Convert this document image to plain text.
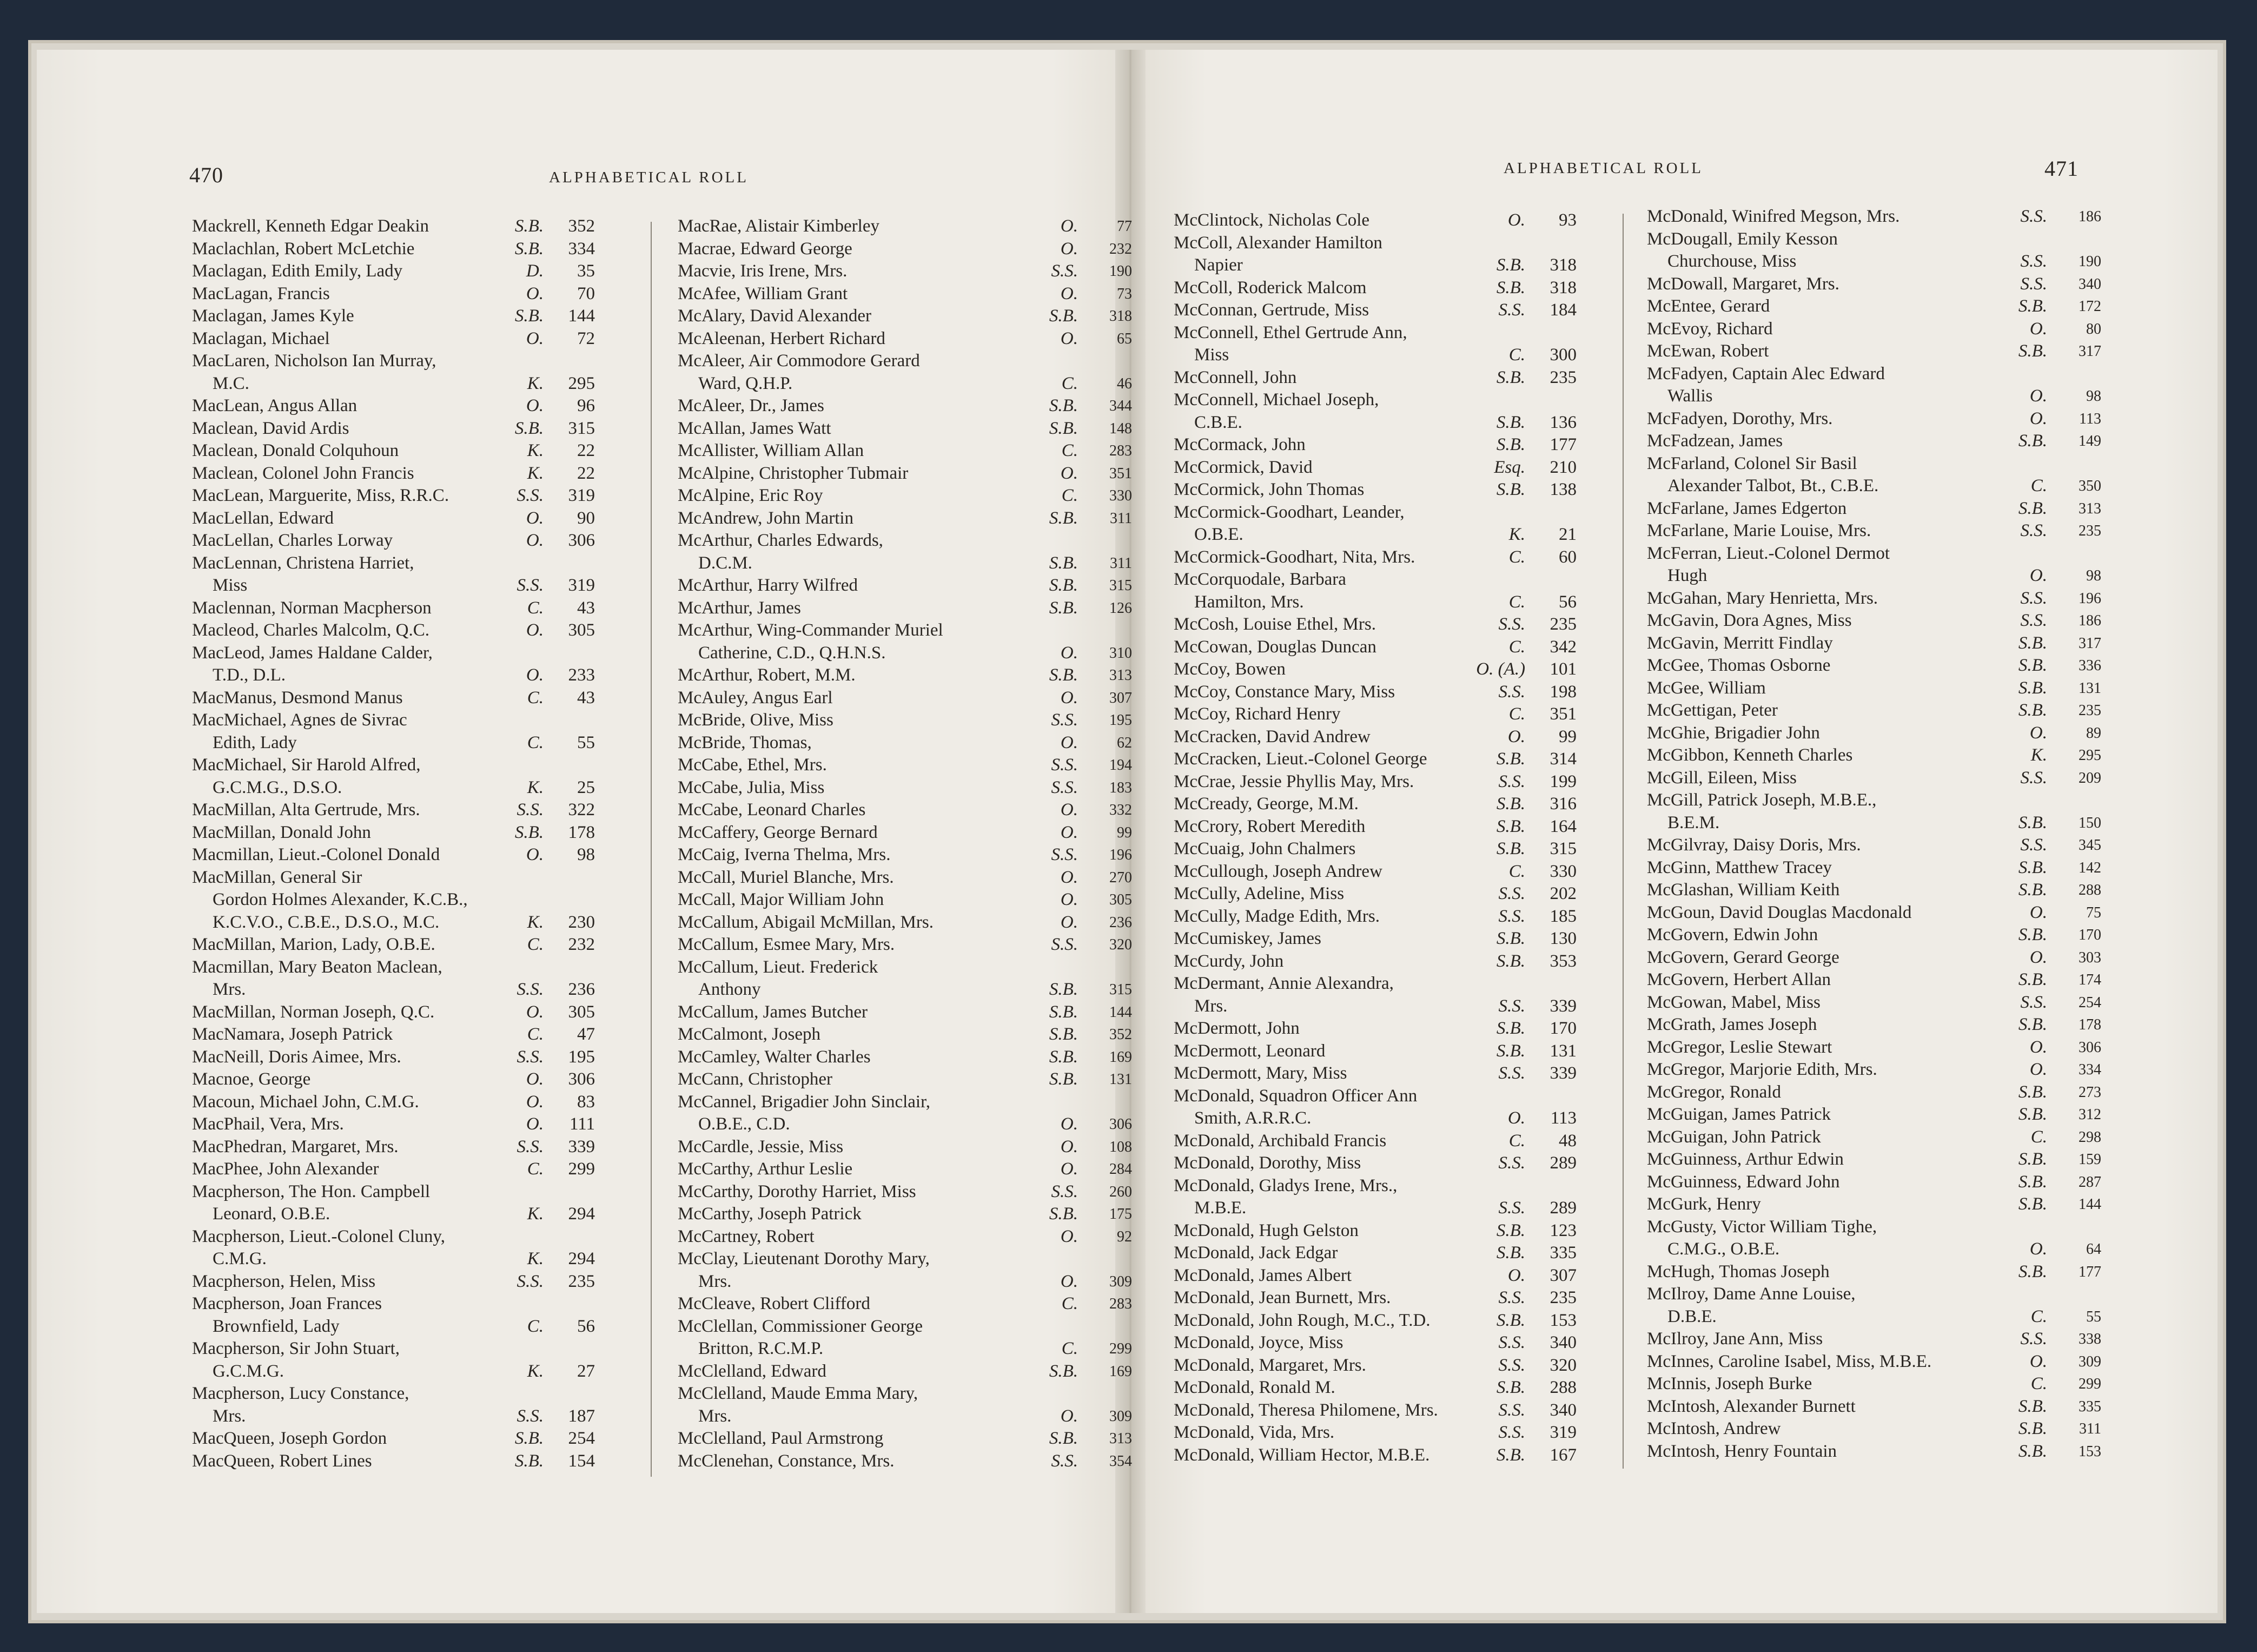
470	ALPHABETICAL ROLL
ALPHABETICAL ROLL	471
Mackrell, Kenneth Edgar Deakin	S.B.	352
Maclachlan, Robert McLetchie	S.B.	334
Maclagan, Edith Emily, Lady	D.	35
MacLagan, Francis	O.	70
Maclagan, James Kyle	S.B.	144
Maclagan, Michael	O.	72
MacLaren, Nicholson Ian Murray,
M.C.	K.	295
MacLean, Angus Allan	O.	96
Maclean, David Ardis	S.B.	315
Maclean, Donald Colquhoun	K.	22
Maclean, Colonel John Francis	K.	22
MacLean, Marguerite, Miss, R.R.C.	S.S.	319
MacLellan, Edward	O.	90
MacLellan, Charles Lorway	O.	306
MacLennan, Christena Harriet,
Miss	S.S.	319
Maclennan, Norman Macpherson	C.	43
Macleod, Charles Malcolm, Q.C.	O.	305
MacLeod, James Haldane Calder,
T.D., D.L.	O.	233
MacManus, Desmond Manus	C.	43
MacMichael, Agnes de Sivrac
Edith, Lady	C.	55
MacMichael, Sir Harold Alfred,
G.C.M.G., D.S.O.	K.	25
MacMillan, Alta Gertrude, Mrs.	S.S.	322
MacMillan, Donald John	S.B.	178
Macmillan, Lieut.-Colonel Donald	O.	98
MacMillan, General Sir
Gordon Holmes Alexander, K.C.B.,
K.C.V.O., C.B.E., D.S.O., M.C.	K.	230
MacMillan, Marion, Lady, O.B.E.	C.	232
Macmillan, Mary Beaton Maclean,
Mrs.	S.S.	236
MacMillan, Norman Joseph, Q.C.	O.	305
MacNamara, Joseph Patrick	C.	47
MacNeill, Doris Aimee, Mrs.	S.S.	195
Macnoe, George	O.	306
Macoun, Michael John, C.M.G.	O.	83
MacPhail, Vera, Mrs.	O.	111
MacPhedran, Margaret, Mrs.	S.S.	339
MacPhee, John Alexander	C.	299
Macpherson, The Hon. Campbell
Leonard, O.B.E.	K.	294
Macpherson, Lieut.-Colonel Cluny,
C.M.G.	K.	294
Macpherson, Helen, Miss	S.S.	235
Macpherson, Joan Frances
Brownfield, Lady	C.	56
Macpherson, Sir John Stuart,
G.C.M.G.	K.	27
Macpherson, Lucy Constance,
Mrs.	S.S.	187
MacQueen, Joseph Gordon	S.B.	254
MacQueen, Robert Lines	S.B.	154
MacRae, Alistair Kimberley	O.	77
Macrae, Edward George	O.	232
Macvie, Iris Irene, Mrs.	S.S.	190
McAfee, William Grant	O.	73
McAlary, David Alexander	S.B.	318
McAleenan, Herbert Richard	O.	65
McAleer, Air Commodore Gerard
Ward, Q.H.P.	C.	46
McAleer, Dr., James	S.B.	344
McAllan, James Watt	S.B.	148
McAllister, William Allan	C.	283
McAlpine, Christopher Tubmair	O.	351
McAlpine, Eric Roy	C.	330
McAndrew, John Martin	S.B.	311
McArthur, Charles Edwards,
D.C.M.	S.B.	311
McArthur, Harry Wilfred	S.B.	315
McArthur, James	S.B.	126
McArthur, Wing-Commander Muriel
Catherine, C.D., Q.H.N.S.	O.	310
McArthur, Robert, M.M.	S.B.	313
McAuley, Angus Earl	O.	307
McBride, Olive, Miss	S.S.	195
McBride, Thomas,	O.	62
McCabe, Ethel, Mrs.	S.S.	194
McCabe, Julia, Miss	S.S.	183
McCabe, Leonard Charles	O.	332
McCaffery, George Bernard	O.	99
McCaig, Iverna Thelma, Mrs.	S.S.	196
McCall, Muriel Blanche, Mrs.	O.	270
McCall, Major William John	O.	305
McCallum, Abigail McMillan, Mrs.	O.	236
McCallum, Esmee Mary, Mrs.	S.S.	320
McCallum, Lieut. Frederick
Anthony	S.B.	315
McCallum, James Butcher	S.B.	144
McCalmont, Joseph	S.B.	352
McCamley, Walter Charles	S.B.	169
McCann, Christopher	S.B.	131
McCannel, Brigadier John Sinclair,
O.B.E., C.D.	O.	306
McCardle, Jessie, Miss	O.	108
McCarthy, Arthur Leslie	O.	284
McCarthy, Dorothy Harriet, Miss	S.S.	260
McCarthy, Joseph Patrick	S.B.	175
McCartney, Robert	O.	92
McClay, Lieutenant Dorothy Mary,
Mrs.	O.	309
McCleave, Robert Clifford	C.	283
McClellan, Commissioner George
Britton, R.C.M.P.	C.	299
McClelland, Edward	S.B.	169
McClelland, Maude Emma Mary,
Mrs.	O.	309
McClelland, Paul Armstrong	S.B.	313
McClenehan, Constance, Mrs.	S.S.	354
McClintock, Nicholas Cole	O.	93
McColl, Alexander Hamilton
Napier	S.B.	318
McColl, Roderick Malcom	S.B.	318
McConnan, Gertrude, Miss	S.S.	184
McConnell, Ethel Gertrude Ann,
Miss	C.	300
McConnell, John	S.B.	235
McConnell, Michael Joseph,
C.B.E.	S.B.	136
McCormack, John	S.B.	177
McCormick, David	Esq.	210
McCormick, John Thomas	S.B.	138
McCormick-Goodhart, Leander,
O.B.E.	K.	21
McCormick-Goodhart, Nita, Mrs.	C.	60
McCorquodale, Barbara
Hamilton, Mrs.	C.	56
McCosh, Louise Ethel, Mrs.	S.S.	235
McCowan, Douglas Duncan	C.	342
McCoy, Bowen	O. (A.)	101
McCoy, Constance Mary, Miss	S.S.	198
McCoy, Richard Henry	C.	351
McCracken, David Andrew	O.	99
McCracken, Lieut.-Colonel George	S.B.	314
McCrae, Jessie Phyllis May, Mrs.	S.S.	199
McCready, George, M.M.	S.B.	316
McCrory, Robert Meredith	S.B.	164
McCuaig, John Chalmers	S.B.	315
McCullough, Joseph Andrew	C.	330
McCully, Adeline, Miss	S.S.	202
McCully, Madge Edith, Mrs.	S.S.	185
McCumiskey, James	S.B.	130
McCurdy, John	S.B.	353
McDermant, Annie Alexandra,
Mrs.	S.S.	339
McDermott, John	S.B.	170
McDermott, Leonard	S.B.	131
McDermott, Mary, Miss	S.S.	339
McDonald, Squadron Officer Ann
Smith, A.R.R.C.	O.	113
McDonald, Archibald Francis	C.	48
McDonald, Dorothy, Miss	S.S.	289
McDonald, Gladys Irene, Mrs.,
M.B.E.	S.S.	289
McDonald, Hugh Gelston	S.B.	123
McDonald, Jack Edgar	S.B.	335
McDonald, James Albert	O.	307
McDonald, Jean Burnett, Mrs.	S.S.	235
McDonald, John Rough, M.C., T.D.	S.B.	153
McDonald, Joyce, Miss	S.S.	340
McDonald, Margaret, Mrs.	S.S.	320
McDonald, Ronald M.	S.B.	288
McDonald, Theresa Philomene, Mrs.	S.S.	340
McDonald, Vida, Mrs.	S.S.	319
McDonald, William Hector, M.B.E.	S.B.	167
McDonald, Winifred Megson, Mrs.	S.S.	186
McDougall, Emily Kesson
Churchouse, Miss	S.S.	190
McDowall, Margaret, Mrs.	S.S.	340
McEntee, Gerard	S.B.	172
McEvoy, Richard	O.	80
McEwan, Robert	S.B.	317
McFadyen, Captain Alec Edward
Wallis	O.	98
McFadyen, Dorothy, Mrs.	O.	113
McFadzean, James	S.B.	149
McFarland, Colonel Sir Basil
Alexander Talbot, Bt., C.B.E.	C.	350
McFarlane, James Edgerton	S.B.	313
McFarlane, Marie Louise, Mrs.	S.S.	235
McFerran, Lieut.-Colonel Dermot
Hugh	O.	98
McGahan, Mary Henrietta, Mrs.	S.S.	196
McGavin, Dora Agnes, Miss	S.S.	186
McGavin, Merritt Findlay	S.B.	317
McGee, Thomas Osborne	S.B.	336
McGee, William	S.B.	131
McGettigan, Peter	S.B.	235
McGhie, Brigadier John	O.	89
McGibbon, Kenneth Charles	K.	295
McGill, Eileen, Miss	S.S.	209
McGill, Patrick Joseph, M.B.E.,
B.E.M.	S.B.	150
McGilvray, Daisy Doris, Mrs.	S.S.	345
McGinn, Matthew Tracey	S.B.	142
McGlashan, William Keith	S.B.	288
McGoun, David Douglas Macdonald	O.	75
McGovern, Edwin John	S.B.	170
McGovern, Gerard George	O.	303
McGovern, Herbert Allan	S.B.	174
McGowan, Mabel, Miss	S.S.	254
McGrath, James Joseph	S.B.	178
McGregor, Leslie Stewart	O.	306
McGregor, Marjorie Edith, Mrs.	O.	334
McGregor, Ronald	S.B.	273
McGuigan, James Patrick	S.B.	312
McGuigan, John Patrick	C.	298
McGuinness, Arthur Edwin	S.B.	159
McGuinness, Edward John	S.B.	287
McGurk, Henry	S.B.	144
McGusty, Victor William Tighe,
C.M.G., O.B.E.	O.	64
McHugh, Thomas Joseph	S.B.	177
McIlroy, Dame Anne Louise,
D.B.E.	C.	55
McIlroy, Jane Ann, Miss	S.S.	338
McInnes, Caroline Isabel, Miss, M.B.E.	O.	309
McInnis, Joseph Burke	C.	299
McIntosh, Alexander Burnett	S.B.	335
McIntosh, Andrew	S.B.	311
McIntosh, Henry Fountain	S.B.	153
